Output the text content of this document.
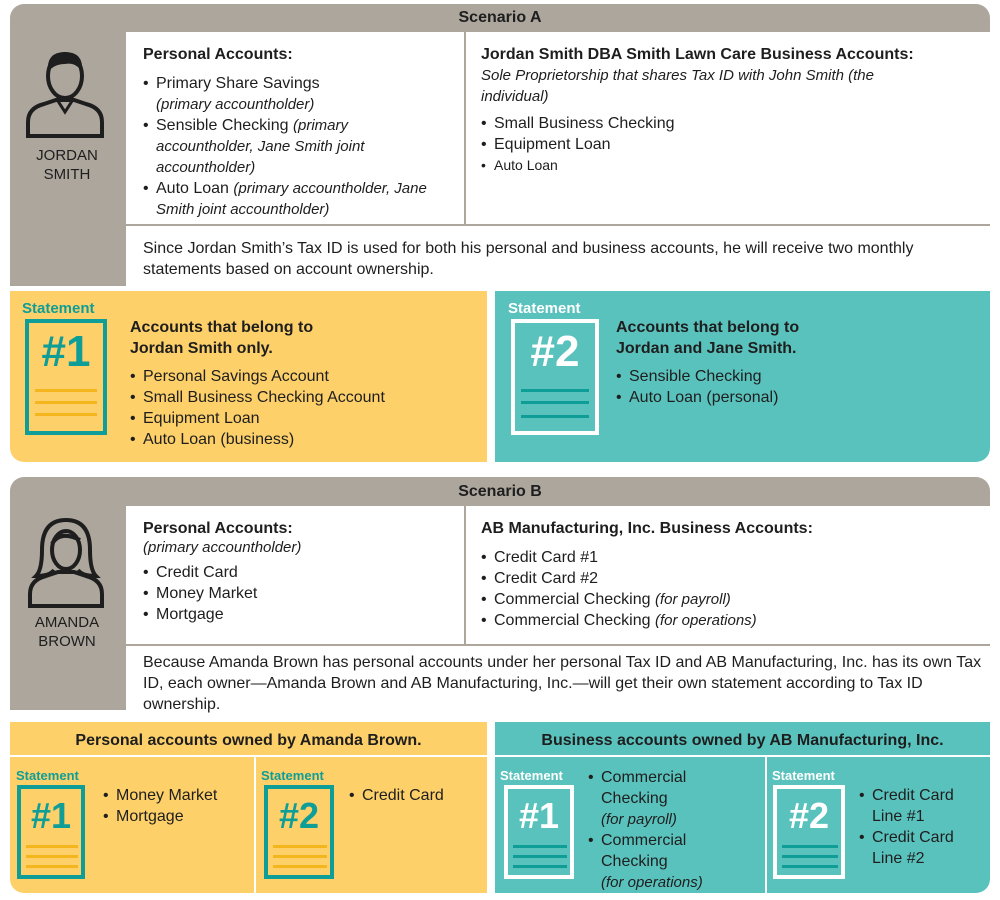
Scenario A
JORDAN
SMITH
Personal Accounts:
• Primary Share Savings
(primary accountholder)
• Sensible Checking (primary accountholder, Jane Smith joint accountholder)
• Auto Loan (primary accountholder, Jane Smith joint accountholder)
Jordan Smith DBA Smith Lawn Care Business Accounts:
Sole Proprietorship that shares Tax ID with John Smith (the individual)
• Small Business Checking
• Equipment Loan
• Auto Loan
Since Jordan Smith’s Tax ID is used for both his personal and business accounts, he will receive two monthly statements based on account ownership.
Statement
#1	Accounts that belong to Jordan Smith only.
• Personal Savings Account
• Small Business Checking Account
• Equipment Loan
• Auto Loan (business)
Statement
#2	Accounts that belong to Jordan and Jane Smith.
• Sensible Checking
• Auto Loan (personal)
Scenario B
AMANDA
BROWN
Personal Accounts:
(primary accountholder)
• Credit Card
• Money Market
• Mortgage
AB Manufacturing, Inc. Business Accounts:
• Credit Card #1
• Credit Card #2
• Commercial Checking (for payroll)
• Commercial Checking (for operations)
Because Amanda Brown has personal accounts under her personal Tax ID and AB Manufacturing, Inc. has its own Tax ID, each owner—Amanda Brown and AB Manufacturing, Inc.—will get their own statement according to Tax ID ownership.
Personal accounts owned by Amanda Brown.
Statement
#1	• Money Market
• Mortgage
Statement
#2	• Credit Card
Business accounts owned by AB Manufacturing, Inc.
Statement
#1
• Commercial Checking
(for payroll)
• Commercial Checking
(for operations)
Statement
#2	• Credit Card Line #1
• Credit Card Line #2
